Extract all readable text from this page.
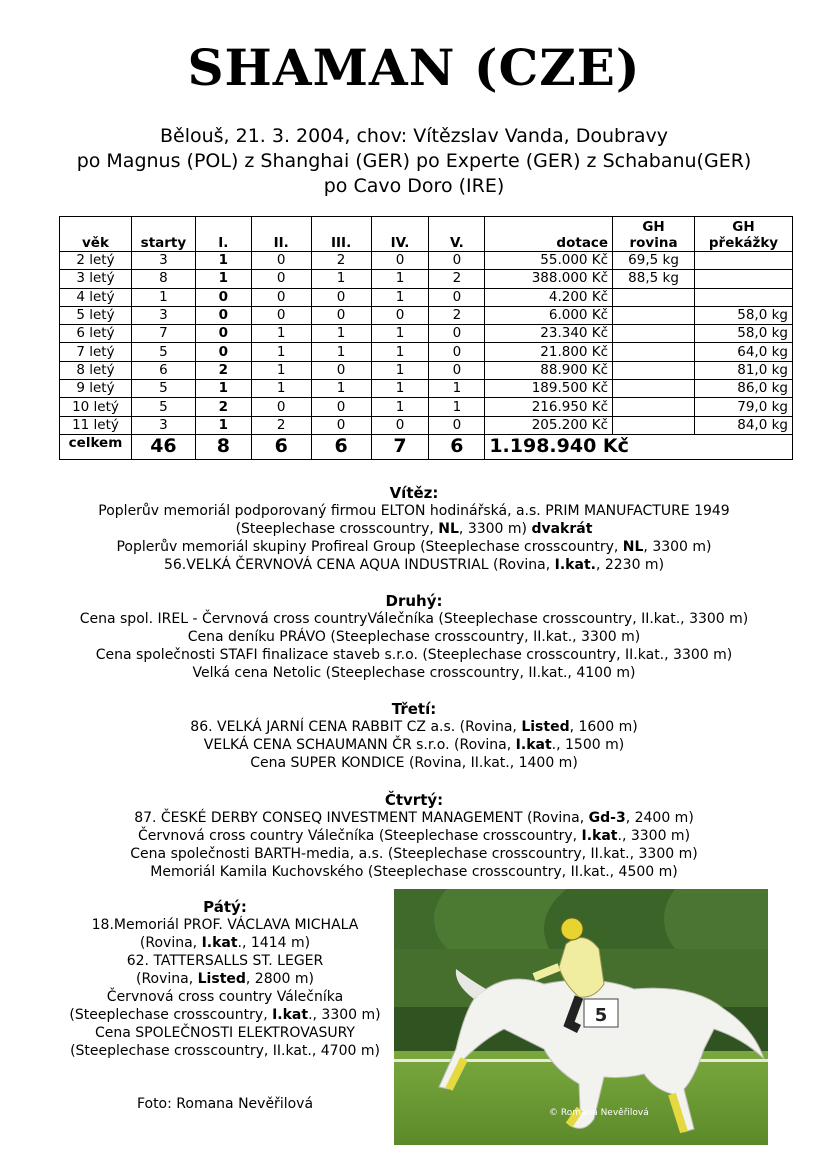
SHAMAN (CZE)
Bělouš, 21. 3. 2004, chov: Vítězslav Vanda, Doubravy
po Magnus (POL) z Shanghai (GER) po Experte (GER) z Schabanu(GER)
po Cavo Doro (IRE)
věk	starty	I.	II.	III.	IV.	V.	dotace	GH rovina	GH překážky
2 letý	3	1	0	2	0	0	55.000 Kč	69,5 kg	
3 letý	8	1	0	1	1	2	388.000 Kč	88,5 kg	
4 letý	1	0	0	0	1	0	4.200 Kč		
5 letý	3	0	0	0	0	2	6.000 Kč		58,0 kg
6 letý	7	0	1	1	1	0	23.340 Kč		58,0 kg
7 letý	5	0	1	1	1	0	21.800 Kč		64,0 kg
8 letý	6	2	1	0	1	0	88.900 Kč		81,0 kg
9 letý	5	1	1	1	1	1	189.500 Kč		86,0 kg
10 letý	5	2	0	0	1	1	216.950 Kč		79,0 kg
11 letý	3	1	2	0	0	0	205.200 Kč		84,0 kg
celkem	46	8	6	6	7	6	1.198.940 Kč		
Vítěz:
Poplerův memoriál podporovaný firmou ELTON hodinářská, a.s. PRIM MANUFACTURE 1949
(Steeplechase crosscountry, NL, 3300 m) dvakrát
Poplerův memoriál skupiny Profireal Group (Steeplechase crosscountry, NL, 3300 m)
56.VELKÁ ČERVNOVÁ CENA AQUA INDUSTRIAL (Rovina, I.kat., 2230 m)
Druhý:
Cena spol. IREL - Červnová cross countryVálečníka (Steeplechase crosscountry, II.kat., 3300 m)
Cena deníku PRÁVO (Steeplechase crosscountry, II.kat., 3300 m)
Cena společnosti STAFI finalizace staveb s.r.o. (Steeplechase crosscountry, II.kat., 3300 m)
Velká cena Netolic (Steeplechase crosscountry, II.kat., 4100 m)
Třetí:
86. VELKÁ JARNÍ CENA RABBIT CZ a.s. (Rovina, Listed, 1600 m)
VELKÁ CENA SCHAUMANN ČR s.r.o. (Rovina, I.kat., 1500 m)
Cena SUPER KONDICE (Rovina, II.kat., 1400 m)
Čtvrtý:
87. ČESKÉ DERBY CONSEQ INVESTMENT MANAGEMENT (Rovina, Gd-3, 2400 m)
Červnová cross country Válečníka (Steeplechase crosscountry, I.kat., 3300 m)
Cena společnosti BARTH-media, a.s. (Steeplechase crosscountry, II.kat., 3300 m)
Memoriál Kamila Kuchovského (Steeplechase crosscountry, II.kat., 4500 m)
Pátý:
18.Memoriál PROF. VÁCLAVA MICHALA
(Rovina, I.kat., 1414 m)
62. TATTERSALLS ST. LEGER
(Rovina, Listed, 2800 m)
Červnová cross country Válečníka
(Steeplechase crosscountry, I.kat., 3300 m)
Cena SPOLEČNOSTI ELEKTROVASURY
(Steeplechase crosscountry, II.kat., 4700 m)
Foto: Romana Nevěřilová
5
© Romana Nevěřilová
